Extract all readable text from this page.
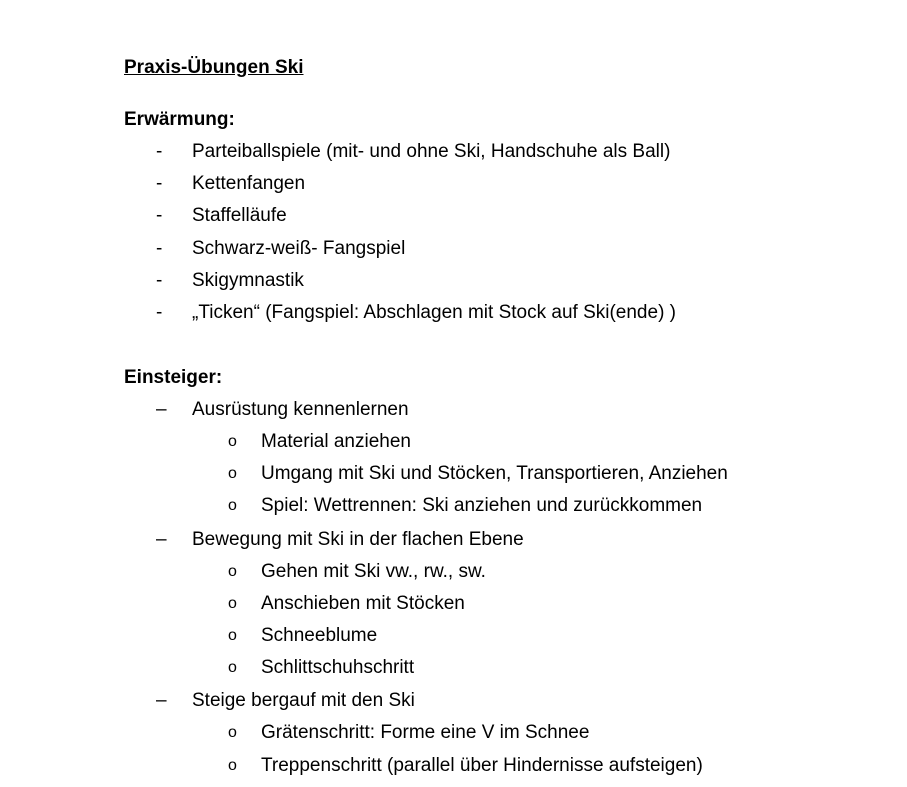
Praxis-Übungen Ski
Erwärmung:
-	Parteiballspiele (mit- und ohne Ski, Handschuhe als Ball)
-	Kettenfangen
-	Staffelläufe
-	Schwarz-weiß- Fangspiel
-	Skigymnastik
-	„Ticken“ (Fangspiel: Abschlagen mit Stock auf Ski(ende) )
Einsteiger:
–	Ausrüstung kennenlernen
o	Material anziehen
o	Umgang mit Ski und Stöcken, Transportieren, Anziehen
o	Spiel: Wettrennen: Ski anziehen und zurückkommen
–	Bewegung mit Ski in der flachen Ebene
o	Gehen mit Ski vw., rw., sw.
o	Anschieben mit Stöcken
o	Schneeblume
o	Schlittschuhschritt
–	Steige bergauf mit den Ski
o	Grätenschritt: Forme eine V im Schnee
o	Treppenschritt (parallel über Hindernisse aufsteigen)
